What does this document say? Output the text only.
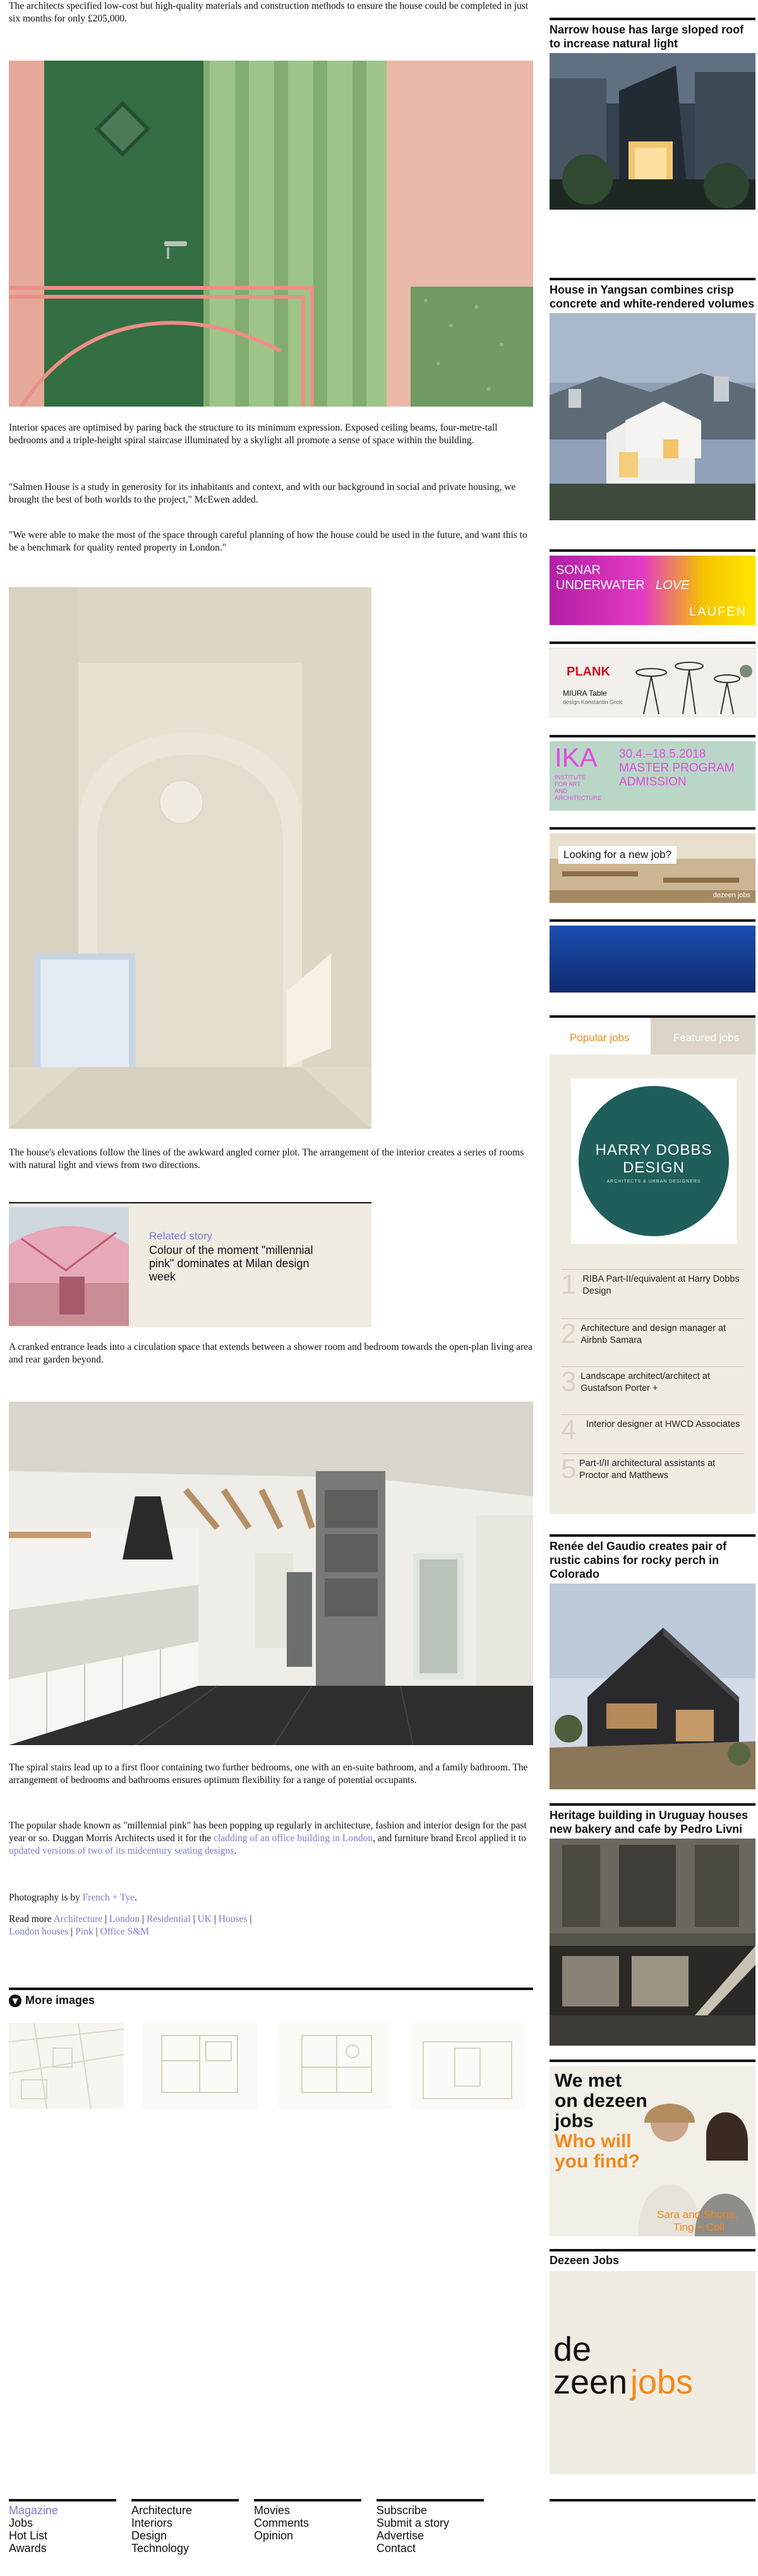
The architects specified low-cost but high-quality materials and construction methods to ensure the house could be completed in just six months for only £205,000.

Interior spaces are optimised by paring back the structure to its minimum expression. Exposed ceiling beams, four-metre-tall bedrooms and a triple-height spiral staircase illuminated by a skylight all promote a sense of space within the building.

"Salmen House is a study in generosity for its inhabitants and context, and with our background in social and private housing, we brought the best of both worlds to the project," McEwen added.

"We were able to make the most of the space through careful planning of how the house could be used in the future, and want this to be a benchmark for quality rented property in London."

The house's elevations follow the lines of the awkward angled corner plot. The arrangement of the interior creates a series of rooms with natural light and views from two directions.

Related story
Colour of the moment "millennial pink" dominates at Milan design week

A cranked entrance leads into a circulation space that extends between a shower room and bedroom towards the open-plan living area and rear garden beyond.

The spiral stairs lead up to a first floor containing two further bedrooms, one with an en-suite bathroom, and a family bathroom. The arrangement of bedrooms and bathrooms ensures optimum flexibility for a range of potential occupants.

The popular shade known as "millennial pink" has been popping up regularly in architecture, fashion and interior design for the past year or so. Duggan Morris Architects used it for the cladding of an office building in London, and furniture brand Ercol applied it to updated versions of two of its midcentury seating designs.

Photography is by French + Tye.

Read more Architecture | London | Residential | UK | Houses |
London houses | Pink | Office S&M

▼ More images
Narrow house has large sloped roof to increase natural light
House in Yangsan combines crisp concrete and white-rendered volumes
SONAR
UNDERWATER LOVE
LAUFEN
PLANK
MIURA Table
design Konstantin Grcic
IKA
INSTITUTE
FOR ART
AND
ARCHITECTURE
30.4.–18.5.2018
MASTER PROGRAM
ADMISSION
Looking for a new job?
dezeen jobs
Popular jobs	Featured jobs
HARRY DOBBS
DESIGN
ARCHITECTS & URBAN DESIGNERS
1 RIBA Part-II/equivalent at Harry Dobbs Design
2 Architecture and design manager at Airbnb Samara
3 Landscape architect/architect at Gustafson Porter +
4	Interior designer at HWCD Associates
5 Part-I/II architectural assistants at Proctor and Matthews
Renée del Gaudio creates pair of rustic cabins for rocky perch in Colorado
Heritage building in Uruguay houses new bakery and cafe by Pedro Livni
We met
on dezeen
jobs
Who will
you find?
Sara and Shona,
Ting + Coll
Dezeen Jobs
de
zeen jobs
Magazine
Jobs
Hot List
Awards
Architecture
Interiors
Design
Technology
Movies
Comments
Opinion
Subscribe
Submit a story
Advertise
Contact
